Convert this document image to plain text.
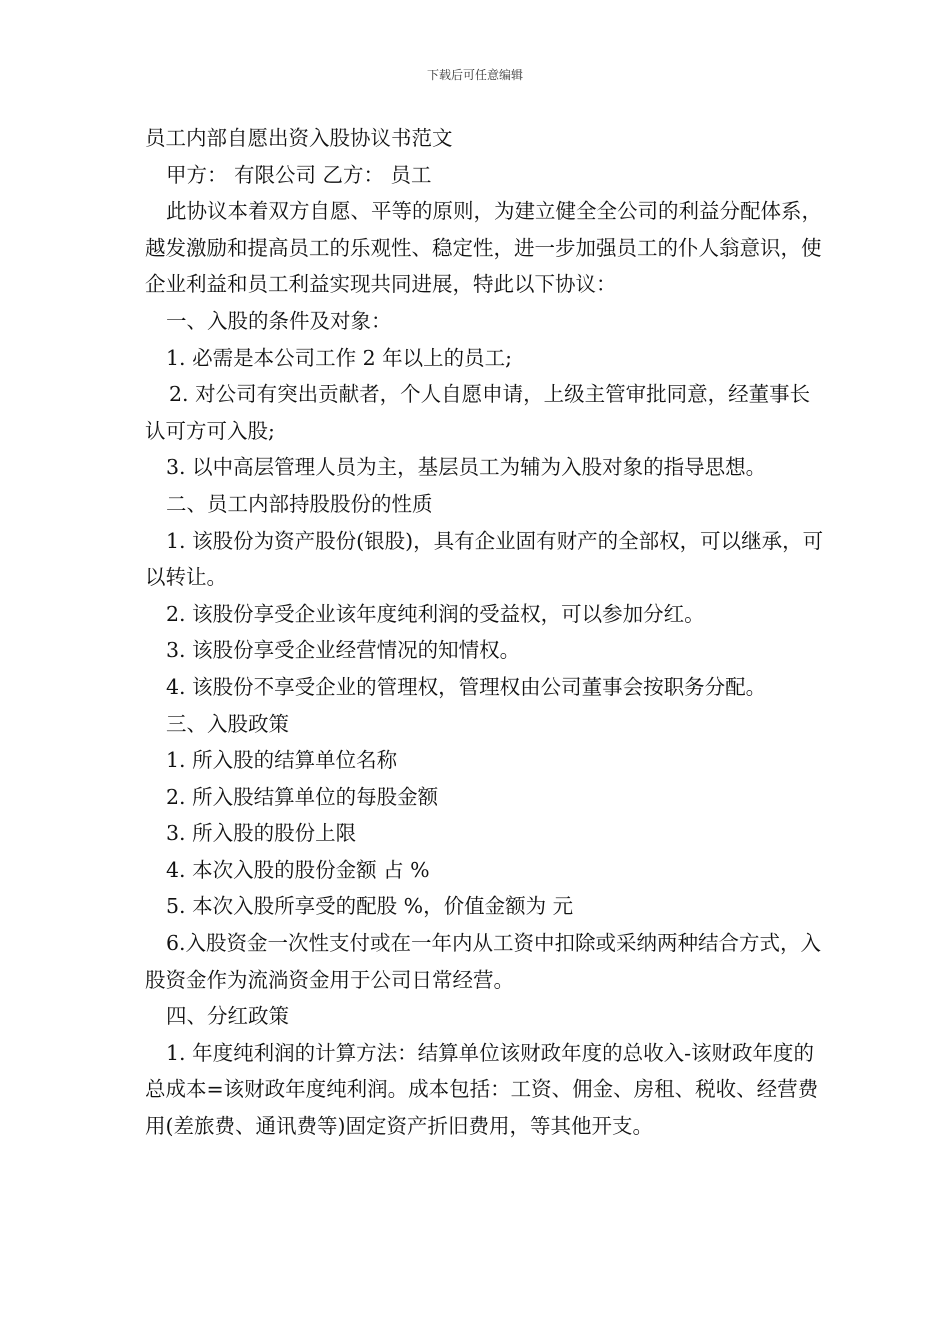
下载后可任意编辑

员工内部自愿出资入股协议书范文

甲方： 有限公司 乙方： 员工

此协议本着双方自愿、平等的原则，为建立健全全公司的利益分配体系，越发激励和提高员工的乐观性、稳定性，进一步加强员工的仆人翁意识，使企业利益和员工利益实现共同进展，特此以下协议：

一、入股的条件及对象：

1. 必需是本公司工作 2 年以上的员工;

2. 对公司有突出贡献者，个人自愿申请，上级主管审批同意，经董事长认可方可入股;

3. 以中高层管理人员为主，基层员工为辅为入股对象的指导思想。

二、员工内部持股股份的性质

1. 该股份为资产股份(银股)，具有企业固有财产的全部权，可以继承，可以转让。

2. 该股份享受企业该年度纯利润的受益权，可以参加分红。

3. 该股份享受企业经营情况的知情权。

4. 该股份不享受企业的管理权，管理权由公司董事会按职务分配。

三、入股政策

1. 所入股的结算单位名称

2. 所入股结算单位的每股金额

3. 所入股的股份上限

4. 本次入股的股份金额 占 %

5. 本次入股所享受的配股 %，价值金额为 元

6.入股资金一次性支付或在一年内从工资中扣除或采纳两种结合方式，入股资金作为流淌资金用于公司日常经营。

四、分红政策

1. 年度纯利润的计算方法：结算单位该财政年度的总收入-该财政年度的总成本=该财政年度纯利润。成本包括：工资、佣金、房租、税收、经营费用(差旅费、通讯费等)固定资产折旧费用，等其他开支。
